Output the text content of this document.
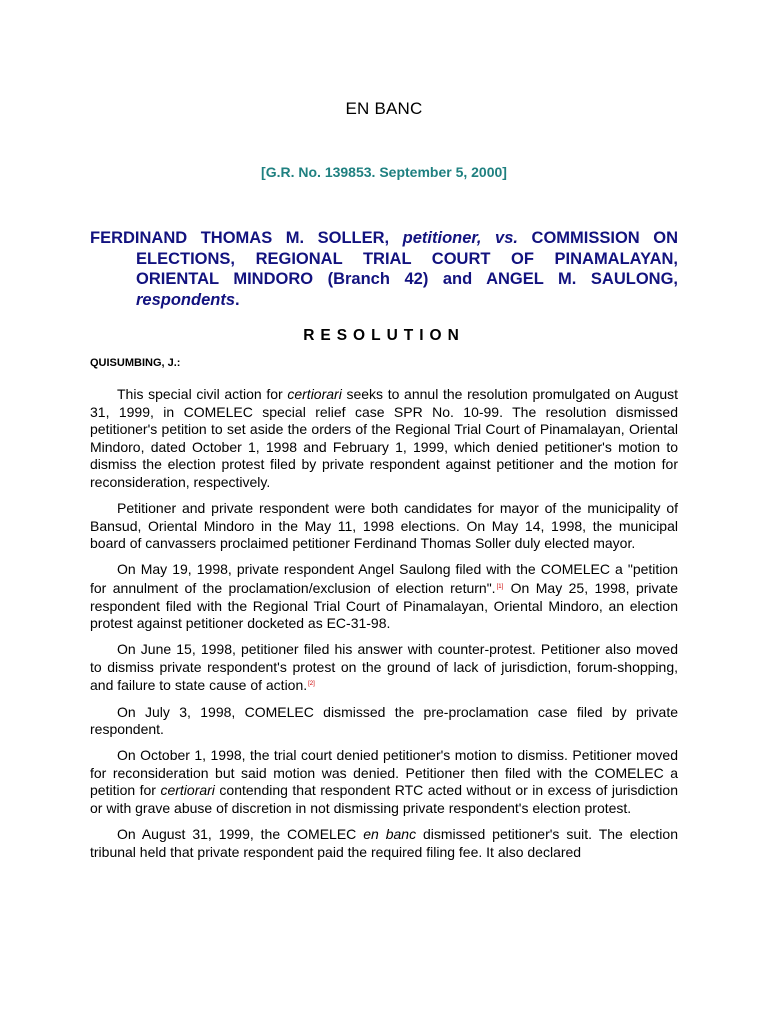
EN BANC
[G.R. No. 139853. September 5, 2000]
FERDINAND THOMAS M. SOLLER, petitioner, vs. COMMISSION ON ELECTIONS, REGIONAL TRIAL COURT OF PINAMALAYAN, ORIENTAL MINDORO (Branch 42) and ANGEL M. SAULONG, respondents.
RESOLUTION
QUISUMBING, J.:

This special civil action for certiorari seeks to annul the resolution promulgated on August 31, 1999, in COMELEC special relief case SPR No. 10-99. The resolution dismissed petitioner's petition to set aside the orders of the Regional Trial Court of Pinamalayan, Oriental Mindoro, dated October 1, 1998 and February 1, 1999, which denied petitioner's motion to dismiss the election protest filed by private respondent against petitioner and the motion for reconsideration, respectively.

Petitioner and private respondent were both candidates for mayor of the municipality of Bansud, Oriental Mindoro in the May 11, 1998 elections. On May 14, 1998, the municipal board of canvassers proclaimed petitioner Ferdinand Thomas Soller duly elected mayor.

On May 19, 1998, private respondent Angel Saulong filed with the COMELEC a "petition for annulment of the proclamation/exclusion of election return".[1] On May 25, 1998, private respondent filed with the Regional Trial Court of Pinamalayan, Oriental Mindoro, an election protest against petitioner docketed as EC-31-98.

On June 15, 1998, petitioner filed his answer with counter-protest. Petitioner also moved to dismiss private respondent's protest on the ground of lack of jurisdiction, forum-shopping, and failure to state cause of action.[2]

On July 3, 1998, COMELEC dismissed the pre-proclamation case filed by private respondent.

On October 1, 1998, the trial court denied petitioner's motion to dismiss. Petitioner moved for reconsideration but said motion was denied. Petitioner then filed with the COMELEC a petition for certiorari contending that respondent RTC acted without or in excess of jurisdiction or with grave abuse of discretion in not dismissing private respondent's election protest.

On August 31, 1999, the COMELEC en banc dismissed petitioner's suit. The election tribunal held that private respondent paid the required filing fee. It also declared
